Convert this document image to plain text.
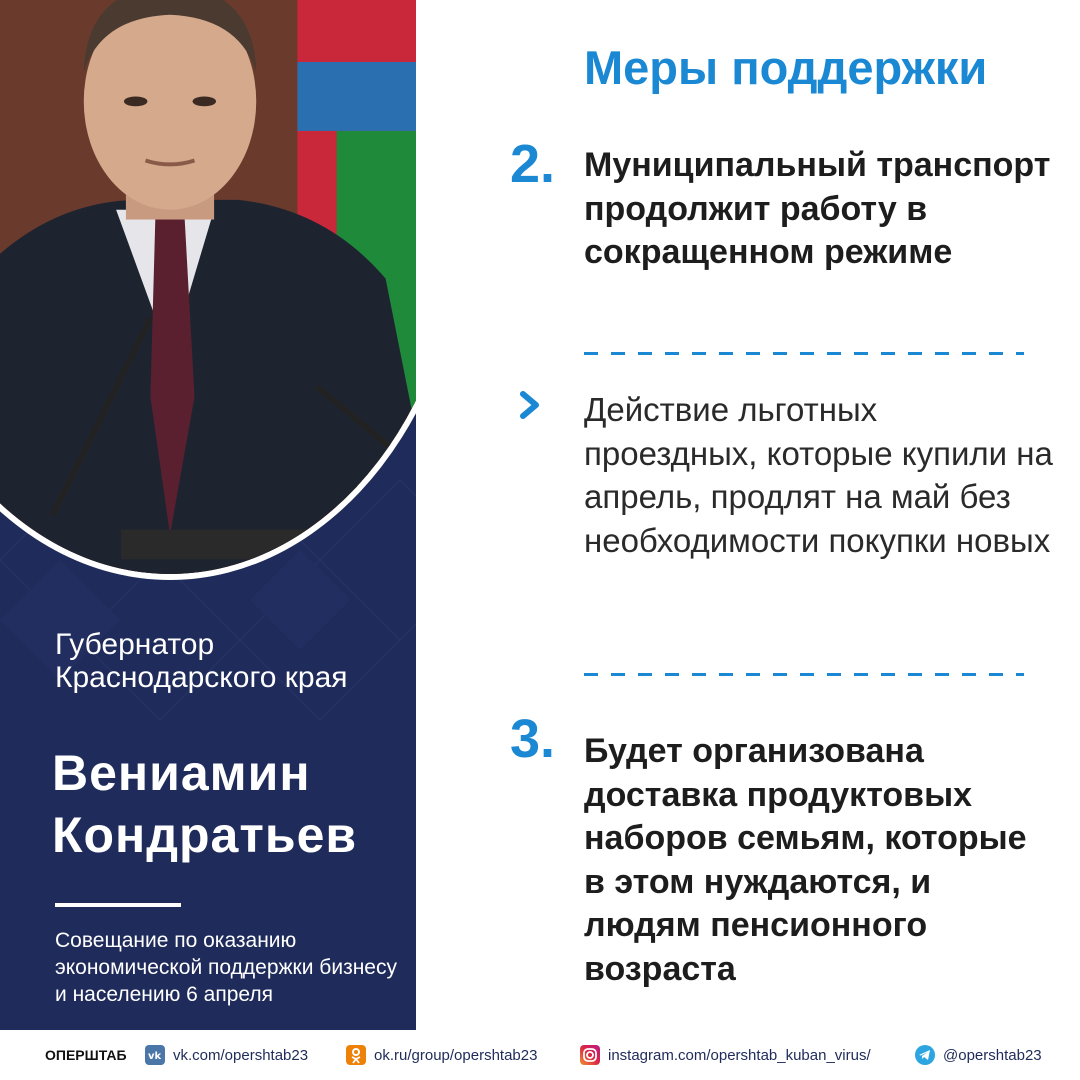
Губернатор Краснодарского края
Вениамин
Кондратьев
Совещание по оказанию экономической поддержки бизнесу и населению 6 апреля
Меры поддержки
2. Муниципальный транспорт продолжит работу в сокращенном режиме
Действие льготных проездных, которые купили на апрель, продлят на май без необходимости покупки новых
3. Будет организована доставка продуктовых наборов семьям, которые в этом нуждаются, и людям пенсионного возраста
ОПЕРШТАБ vk vk.com/opershtab23	ok.ru/group/opershtab23	instagram.com/opershtab_kuban_virus/	@opershtab23
